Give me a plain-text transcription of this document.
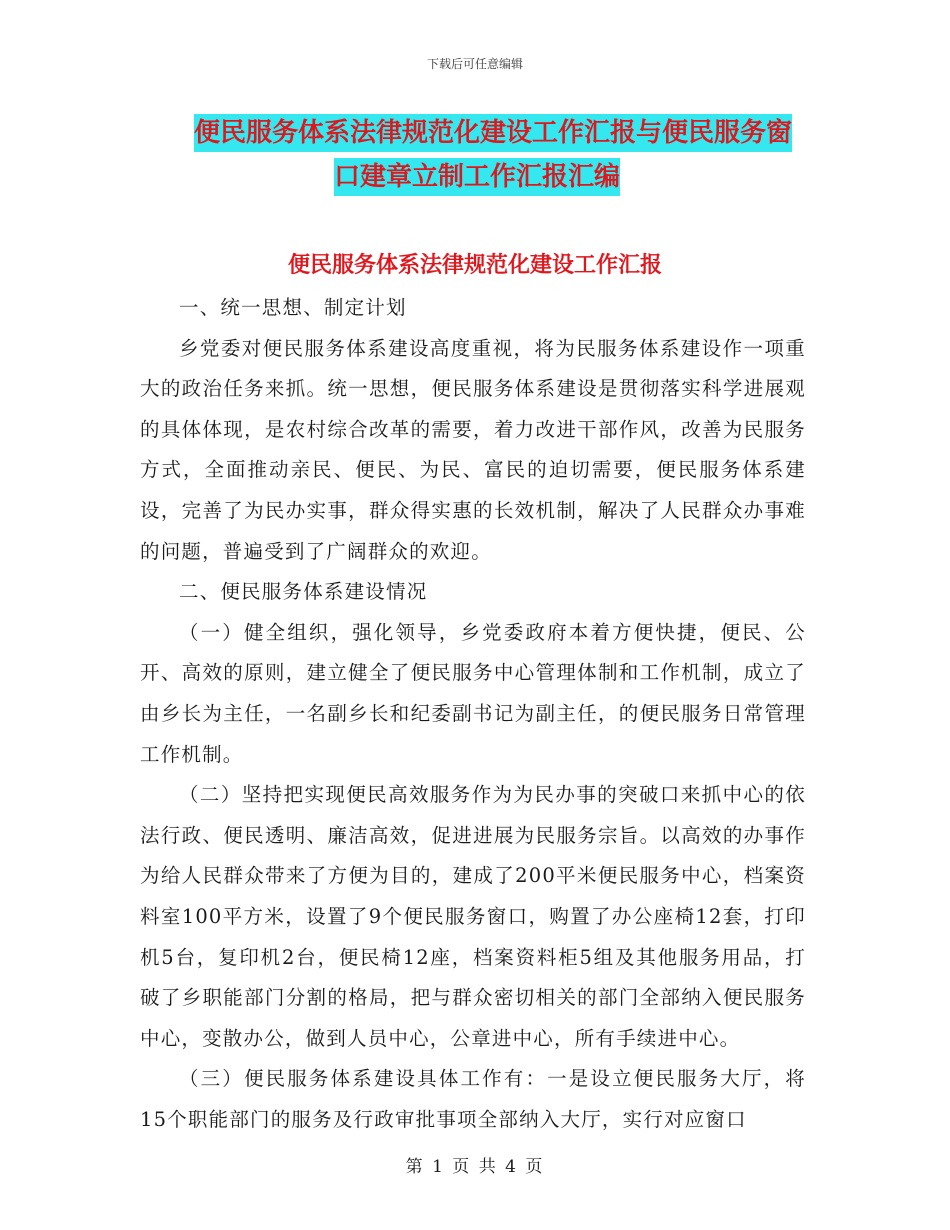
下载后可任意编辑
便民服务体系法律规范化建设工作汇报与便民服务窗
口建章立制工作汇报汇编
便民服务体系法律规范化建设工作汇报

一、统一思想、制定计划

乡党委对便民服务体系建设高度重视，将为民服务体系建设作一项重大的政治任务来抓。统一思想，便民服务体系建设是贯彻落实科学进展观的具体体现，是农村综合改革的需要，着力改进干部作风，改善为民服务方式，全面推动亲民、便民、为民、富民的迫切需要，便民服务体系建设，完善了为民办实事，群众得实惠的长效机制，解决了人民群众办事难的问题，普遍受到了广阔群众的欢迎。

二、便民服务体系建设情况

（一）健全组织，强化领导，乡党委政府本着方便快捷，便民、公开、高效的原则，建立健全了便民服务中心管理体制和工作机制，成立了由乡长为主任，一名副乡长和纪委副书记为副主任，的便民服务日常管理工作机制。

（二）坚持把实现便民高效服务作为为民办事的突破口来抓中心的依法行政、便民透明、廉洁高效，促进进展为民服务宗旨。以高效的办事作为给人民群众带来了方便为目的，建成了200平米便民服务中心，档案资料室100平方米，设置了9个便民服务窗口，购置了办公座椅12套，打印机5台，复印机2台，便民椅12座，档案资料柜5组及其他服务用品，打破了乡职能部门分割的格局，把与群众密切相关的部门全部纳入便民服务中心，变散办公，做到人员中心，公章进中心，所有手续进中心。

（三）便民服务体系建设具体工作有：一是设立便民服务大厅，将15个职能部门的服务及行政审批事项全部纳入大厅，实行对应窗口

第 1 页 共 4 页
